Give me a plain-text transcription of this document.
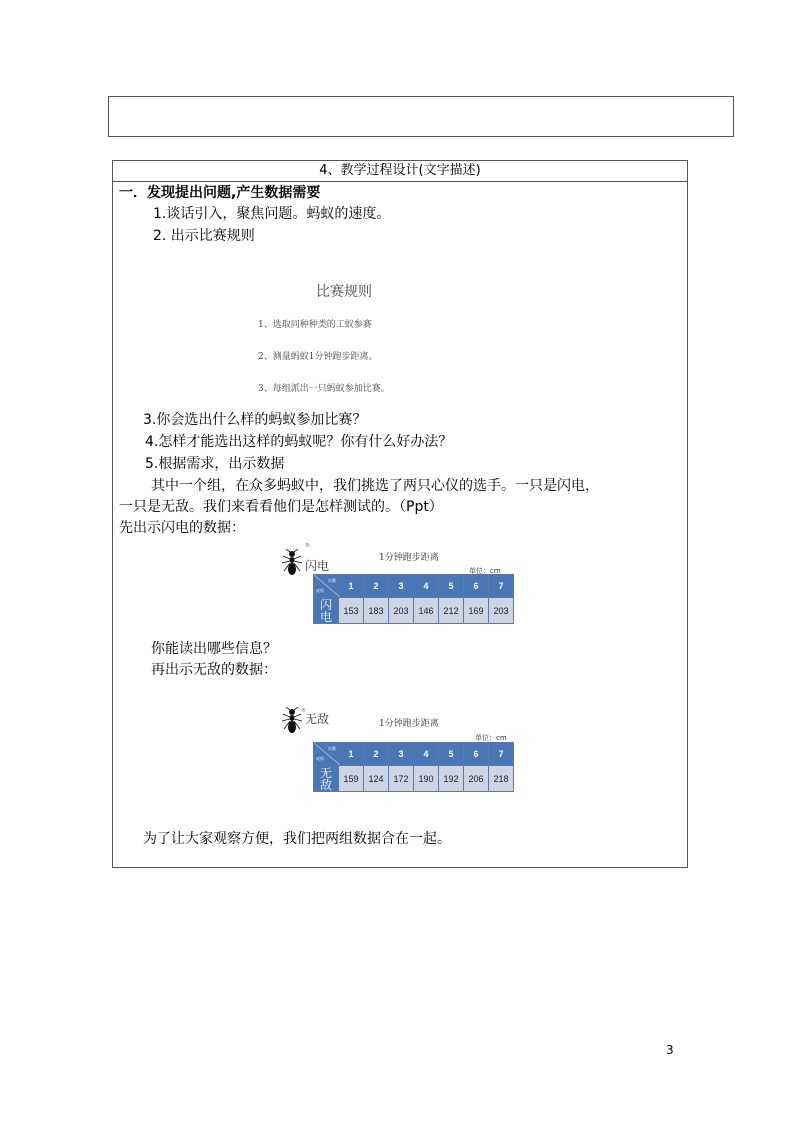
4、教学过程设计(文字描述)
一．发现提出问题,产生数据需要
1.谈话引入，聚焦问题。蚂蚁的速度。
2. 出示比赛规则
比赛规则
1、选取同种种类的工蚁参赛
2、测量蚂蚁1分钟跑步距离。
3、每组派出一只蚂蚁参加比赛。
3.你会选出什么样的蚂蚁参加比赛？
4.怎样才能选出这样的蚂蚁呢？你有什么好办法？
5.根据需求，出示数据
其中一个组，在众多蚂蚁中，我们挑选了两只心仪的选手。一只是闪电，
一只是无敌。我们来看看他们是怎样测试的。（Ppt）
先出示闪电的数据：
®
闪电
1分钟跑步距离
单位：cm
次数
成绩	1	2	3	4	5	6	7
闪
电	153	183	203	146	212	169	203
你能读出哪些信息？
再出示无敌的数据：
®
无敌	1分钟跑步距离
单位：cm
次数
成绩	1	2	3	4	5	6	7
无
敌	159	124	172	190	192	206	218
为了让大家观察方便，我们把两组数据合在一起。
3
